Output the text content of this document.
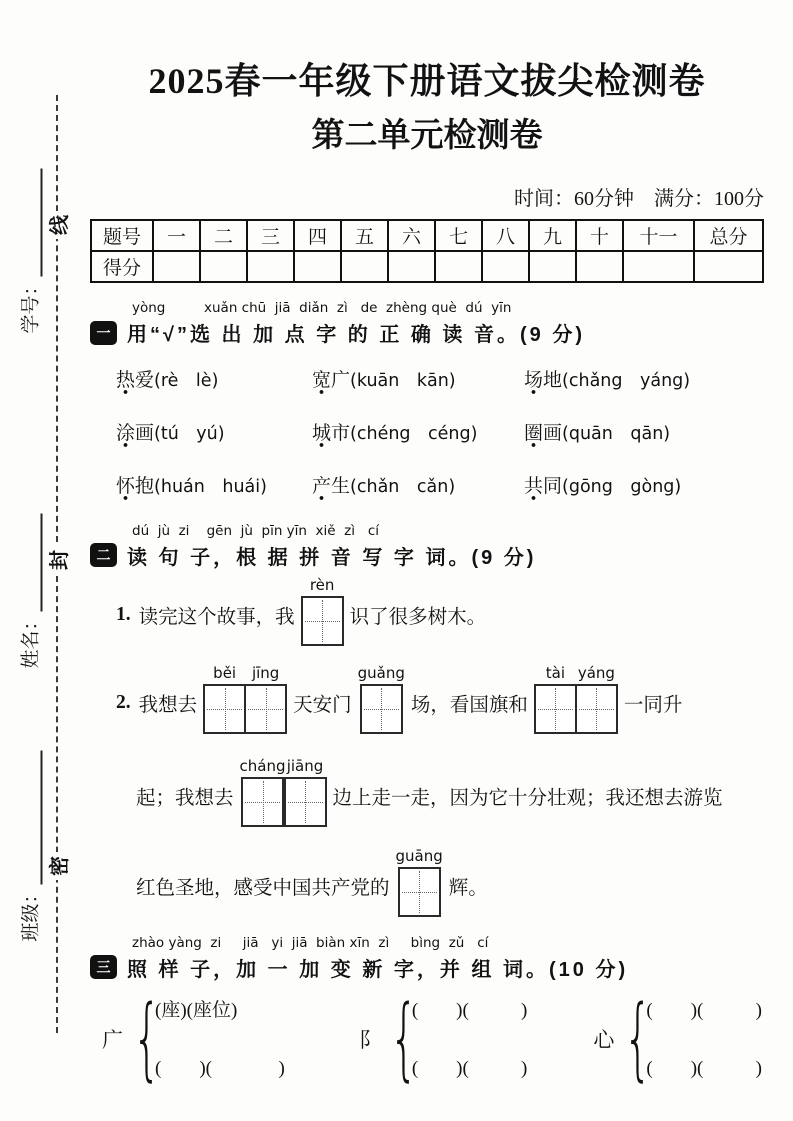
线
封
密
学号：
姓名：
班级：
2025春一年级下册语文拔尖检测卷
第二单元检测卷
时间：60分钟　满分：100分
题号	一	二	三	四	五	六	七	八	九	十	十一	总分
得分												
yòng         xuǎn chū  jiā  diǎn  zì   de  zhèng què  dú  yīn
一 用“√”选 出 加 点 字 的 正 确 读 音。(9 分)
热爱(rè　lè)	宽广(kuān　kān)	场地(chǎng　yáng)
涂画(tú　yú)	城市(chéng　céng)	圈画(quān　qān)
怀抱(huán　huái)	产生(chǎn　cǎn)	共同(gōng　gòng)
dú  jù  zi    gēn  jù  pīn yīn  xiě  zì   cí
二 读 句 子，根 据 拼 音 写 字 词。(9 分)
1. 读完这个故事，我
rèn
识了很多树木。
2. 我想去
běi jīng
天安门
guǎng
场，看国旗和
tài yáng
一同升
起；我想去
cháng jiāng
边上走一走，因为它十分壮观；我还想去游览
红色圣地，感受中国共产党的
guāng
辉。
zhào yàng  zi     jiā   yi  jiā  biàn xīn  zì     bìng  zǔ   cí
三 照 样 子，加 一 加 变 新 字，并 组 词。(10 分)
广 {
(座)(座位)
(        )(              )
阝 {
(        )(           )
(        )(           )
心 {
(        )(           )
(        )(           )
